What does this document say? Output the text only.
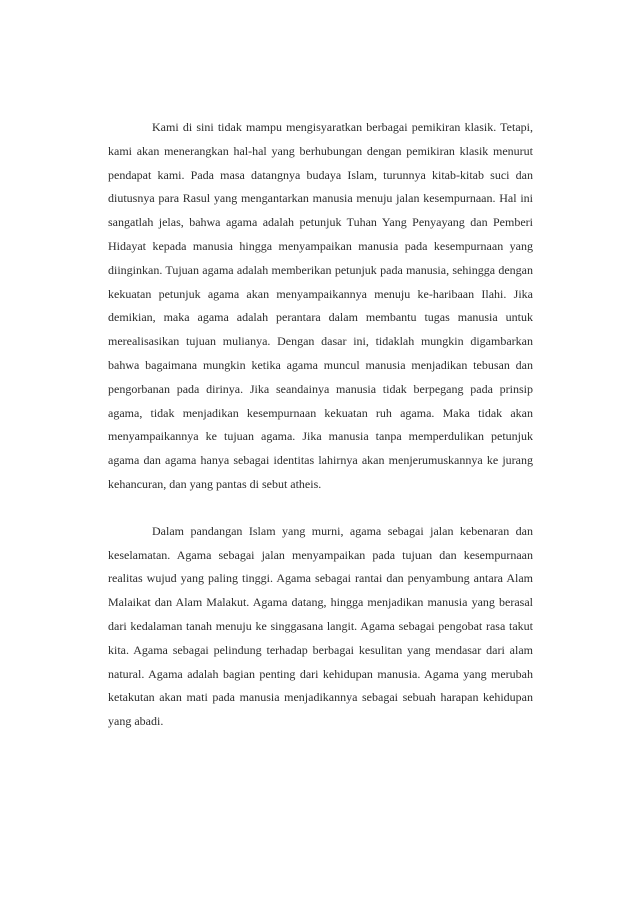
Kami di sini tidak mampu mengisyaratkan berbagai pemikiran klasik. Tetapi, kami akan menerangkan hal-hal yang berhubungan dengan pemikiran klasik menurut pendapat kami. Pada masa datangnya budaya Islam, turunnya kitab-kitab suci dan diutusnya para Rasul yang mengantarkan manusia menuju jalan kesempurnaan. Hal ini sangatlah jelas, bahwa agama adalah petunjuk Tuhan Yang Penyayang dan Pemberi Hidayat kepada manusia hingga menyampaikan manusia pada kesempurnaan yang diinginkan. Tujuan agama adalah memberikan petunjuk pada manusia, sehingga dengan kekuatan petunjuk agama akan menyampaikannya menuju ke-haribaan Ilahi. Jika demikian, maka agama adalah perantara dalam membantu tugas manusia untuk merealisasikan tujuan mulianya. Dengan dasar ini, tidaklah mungkin digambarkan bahwa bagaimana mungkin ketika agama muncul manusia menjadikan tebusan dan pengorbanan pada dirinya. Jika seandainya manusia tidak berpegang pada prinsip agama, tidak menjadikan kesempurnaan kekuatan ruh agama. Maka tidak akan menyampaikannya ke tujuan agama. Jika manusia tanpa memperdulikan petunjuk agama dan agama hanya sebagai identitas lahirnya akan menjerumuskannya ke jurang kehancuran, dan yang pantas di sebut atheis.

Dalam pandangan Islam yang murni, agama sebagai jalan kebenaran dan keselamatan. Agama sebagai jalan menyampaikan pada tujuan dan kesempurnaan realitas wujud yang paling tinggi. Agama sebagai rantai dan penyambung antara Alam Malaikat dan Alam Malakut. Agama datang, hingga menjadikan manusia yang berasal dari kedalaman tanah menuju ke singgasana langit. Agama sebagai pengobat rasa takut kita. Agama sebagai pelindung terhadap berbagai kesulitan yang mendasar dari alam natural. Agama adalah bagian penting dari kehidupan manusia. Agama yang merubah ketakutan akan mati pada manusia menjadikannya sebagai sebuah harapan kehidupan yang abadi.
